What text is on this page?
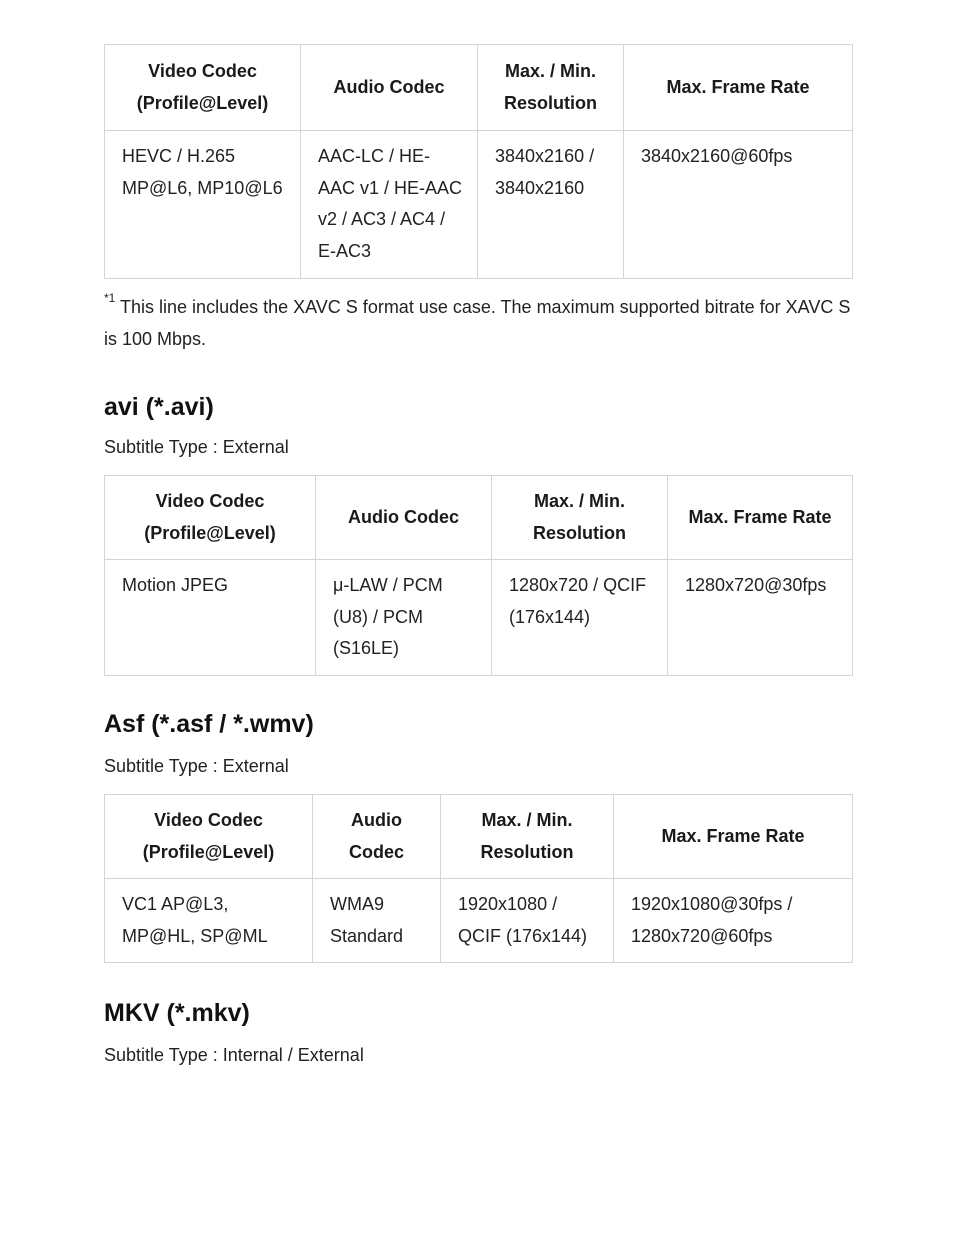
Video Codec (Profile@Level)	Audio Codec	Max. / Min. Resolution	Max. Frame Rate
HEVC / H.265 MP@L6, MP10@L6	AAC-LC / HE-AAC v1 / HE-AAC v2 / AC3 / AC4 / E-AC3	3840x2160 / 3840x2160	3840x2160@60fps

$^{*1}$ This line includes the XAVC S format use case. The maximum supported bitrate for XAVC S is 100 Mbps.

avi (*.avi)

Subtitle Type : External

Video Codec (Profile@Level)	Audio Codec	Max. / Min. Resolution	Max. Frame Rate
Motion JPEG	μ-LAW / PCM (U8) / PCM (S16LE)	1280x720 / QCIF (176x144)	1280x720@30fps
Asf (*.asf / *.wmv)

Subtitle Type : External

Video Codec (Profile@Level)	Audio Codec	Max. / Min. Resolution	Max. Frame Rate
VC1 AP@L3, MP@HL, SP@ML	WMA9 Standard	1920x1080 / QCIF (176x144)	1920x1080@30fps / 1280x720@60fps
MKV (*.mkv)

Subtitle Type : Internal / External
